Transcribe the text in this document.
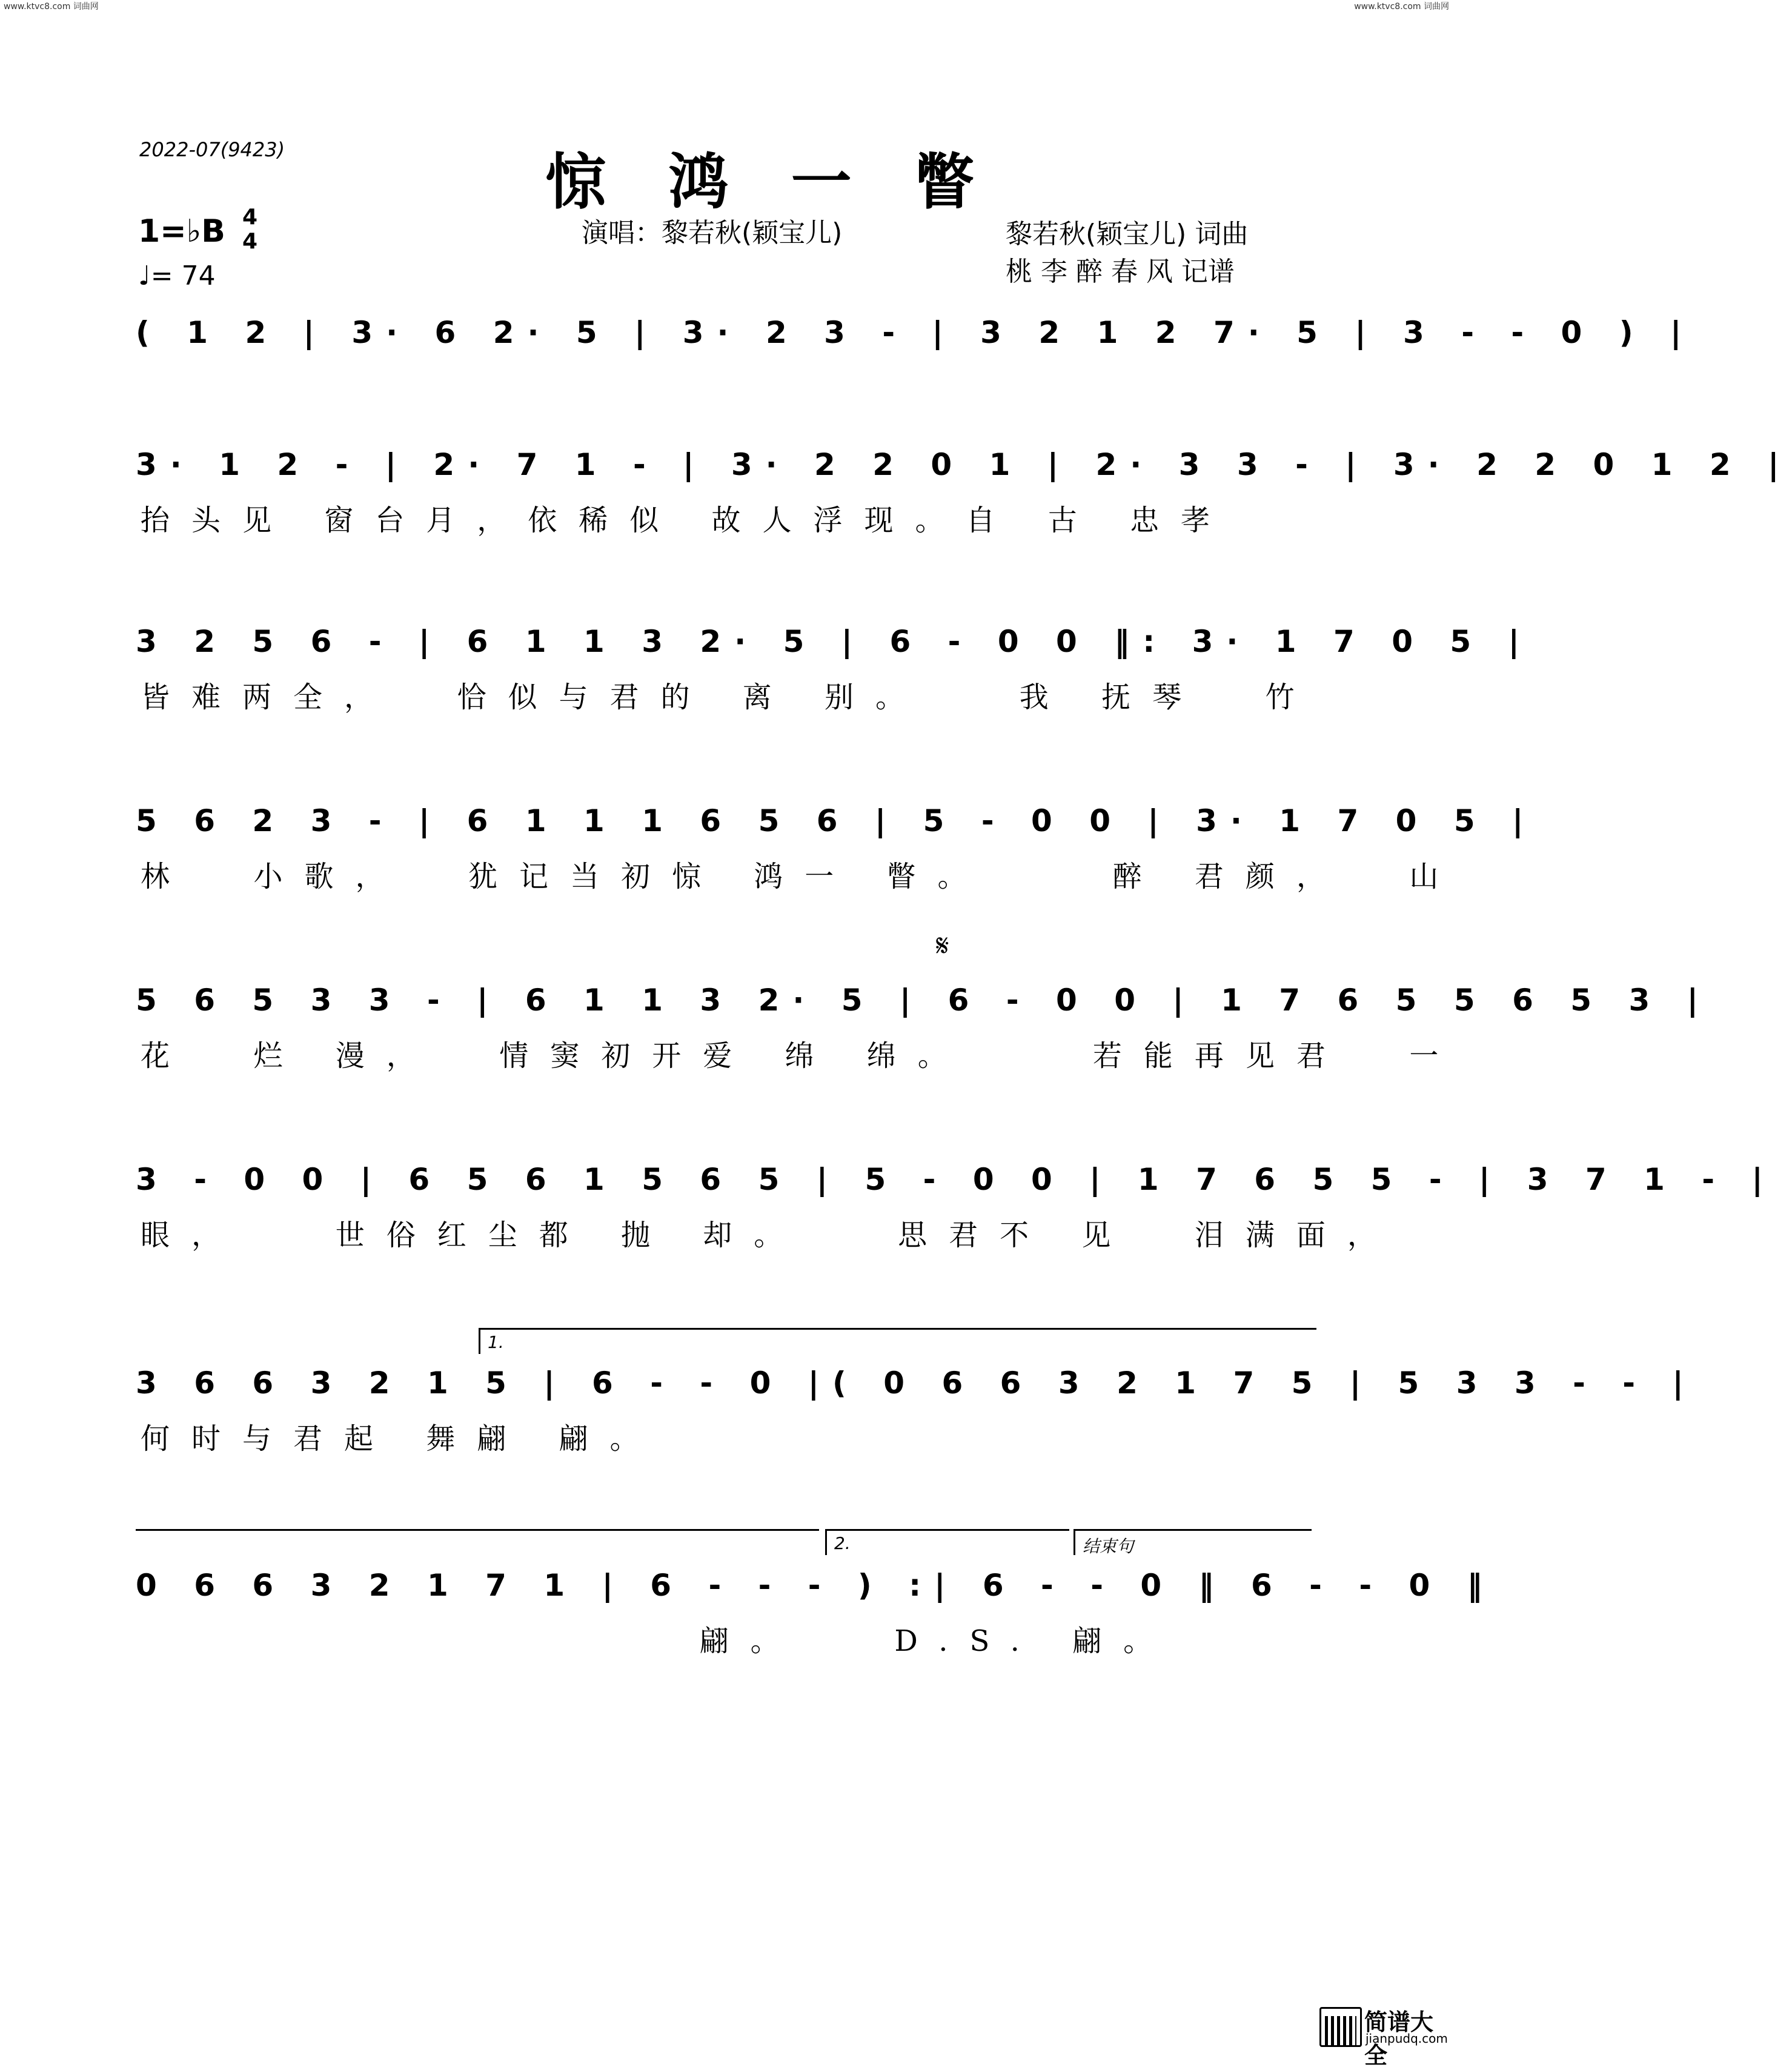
www.ktvc8.com 词曲网	www.ktvc8.com 词曲网
2022-07(9423)	惊 鸿 一 瞥
演唱：黎若秋(颖宝儿)	黎若秋(颖宝儿) 词曲
桃 李 醉 春 风 记谱
1=♭B 4
4
♩= 74
( 1 2 | 3· 6 2· 5 | 3· 2 3 - | 3 2 1 2 7· 5 | 3 - - 0 ) |
3· 1 2 - | 2· 7 1 - | 3· 2 2 0 1 | 2· 3 3 - | 3· 2 2 0 1 2 |
抬头见 窗台月，依稀似 故人浮现。自 古 忠孝
3 2 5 6 - | 6 1 1 3 2· 5 | 6 - 0 0 ‖: 3· 1 7 0 5 |
皆难两全，  恰似与君的 离 别。   我 抚琴  竹
5 6 2 3 - | 6 1 1 1 6 5 6 | 5 - 0 0 | 3· 1 7 0 5 |
林  小歌，  犹记当初惊 鸿一 瞥。    醉 君颜，  山
𝄋
5 6 5 3 3 - | 6 1 1 3 2· 5 | 6 - 0 0 | 1 7 6 5 5 6 5 3 |
花  烂 漫，  情窦初开爱 绵 绵。    若能再见君  一
3 - 0 0 | 6 5 6 1 5 6 5 | 5 - 0 0 | 1 7 6 5 5 - | 3 7 1 - |
眼，   世俗红尘都 抛 却。   思君不 见  泪满面，
1.
3 6 6 3 2 1 5 | 6 - - 0 |( 0 6 6 3 2 1 7 5 | 5 3 3 - - |
何时与君起 舞翩 翩。
2.	结束句
0 6 6 3 2 1 7 1 | 6 - - - ) :| 6 - - 0 ‖ 6 - - 0 ‖
翩。   D.S. 翩。
简谱大全
jianpudq.com
